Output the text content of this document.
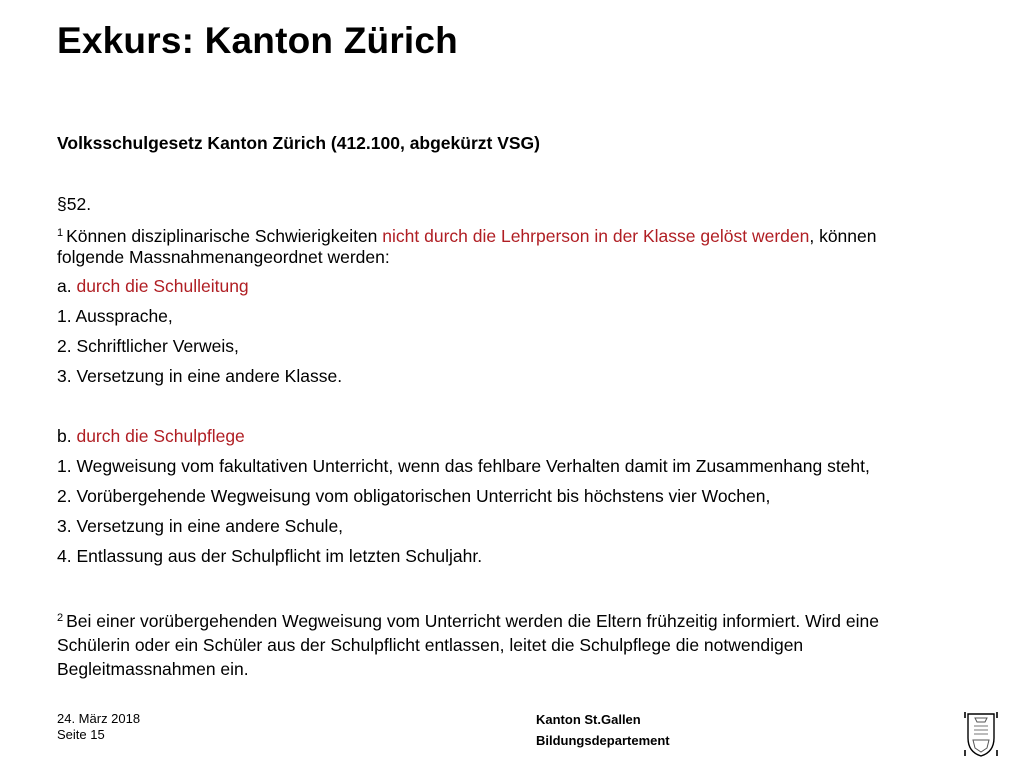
Exkurs: Kanton Zürich
Volksschulgesetz Kanton Zürich (412.100, abgekürzt VSG)
§52.
$^1$ Können disziplinarische Schwierigkeiten nicht durch die Lehrperson in der Klasse gelöst werden, können
folgende Massnahmenangeordnet werden:
a. durch die Schulleitung
1. Aussprache,
2. Schriftlicher Verweis,
3. Versetzung in eine andere Klasse.
b. durch die Schulpflege
1. Wegweisung vom fakultativen Unterricht, wenn das fehlbare Verhalten damit im Zusammenhang steht,
2. Vorübergehende Wegweisung vom obligatorischen Unterricht bis höchstens vier Wochen,
3. Versetzung in eine andere Schule,
4. Entlassung aus der Schulpflicht im letzten Schuljahr.
$^2$ Bei einer vorübergehenden Wegweisung vom Unterricht werden die Eltern frühzeitig informiert. Wird eine
Schülerin oder ein Schüler aus der Schulpflicht entlassen, leitet die Schulpflege die notwendigen
Begleitmassnahmen ein.
24. März 2018
Seite 15
Kanton St.Gallen
Bildungsdepartement
